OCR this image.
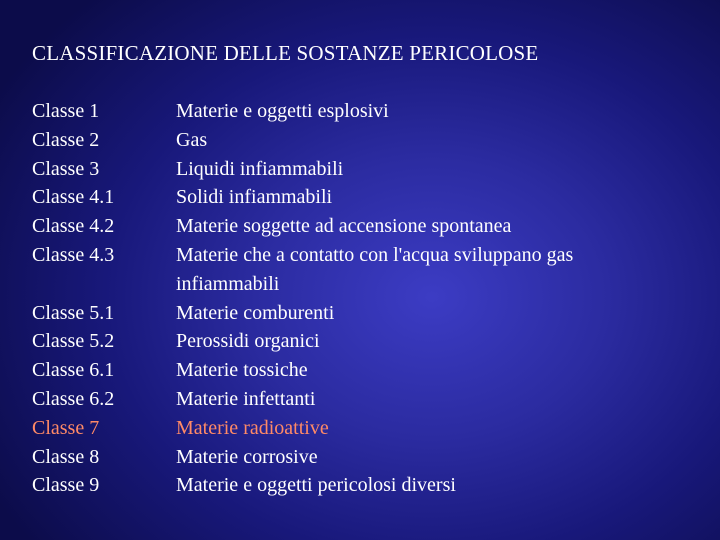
CLASSIFICAZIONE DELLE SOSTANZE PERICOLOSE
Classe 1
Classe 2
Classe 3
Classe 4.1
Classe 4.2
Classe 4.3
Classe 5.1
Classe 5.2
Classe 6.1
Classe 6.2
Classe 7
Classe 8
Classe 9
Materie e oggetti esplosivi
Gas
Liquidi infiammabili
Solidi infiammabili
Materie soggette ad accensione spontanea
Materie che a contatto con l'acqua sviluppano gas
infiammabili
Materie comburenti
Perossidi organici
Materie tossiche
Materie infettanti
Materie radioattive
Materie corrosive
Materie e oggetti pericolosi diversi
